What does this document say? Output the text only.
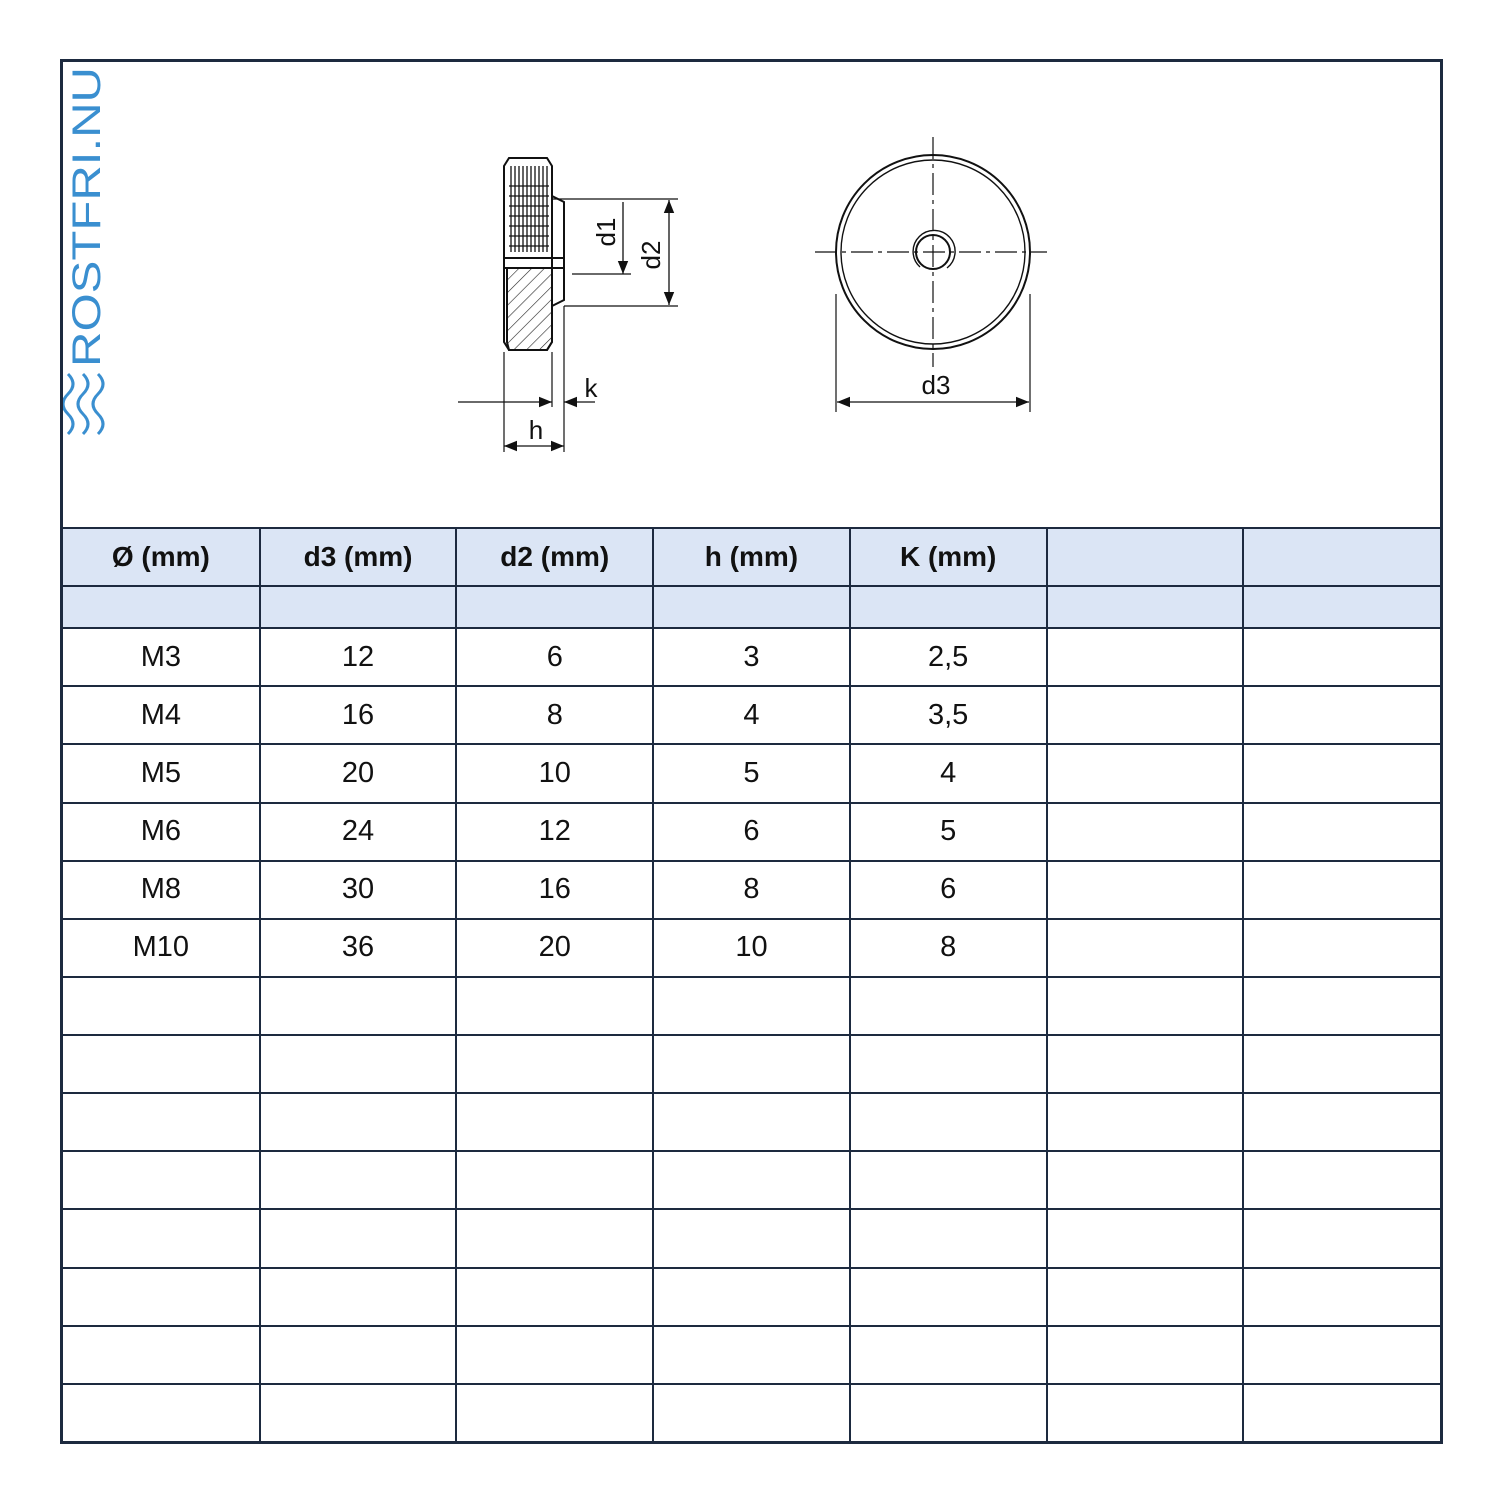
d1
d2
k
h
d3
ROSTFRI.NU
Ø (mm)	d3 (mm)	d2 (mm)	h (mm)	K (mm)		

M3	12	6	3	2,5		
M4	16	8	4	3,5		
M5	20	10	5	4		
M6	24	12	6	5		
M8	30	16	8	6		
M10	36	20	10	8		
